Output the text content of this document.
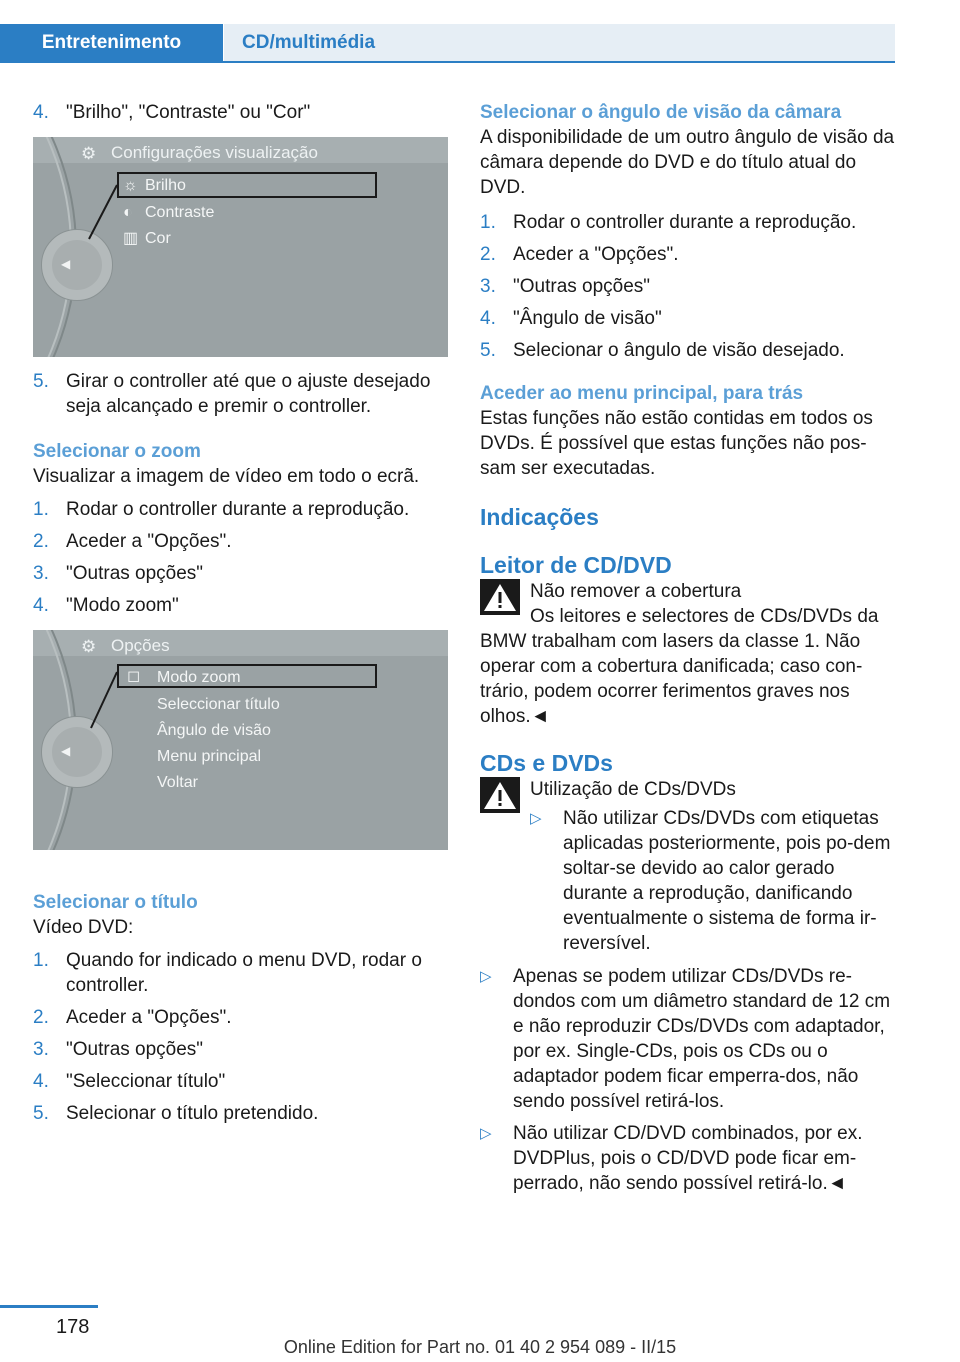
Entretenimento	CD/multimédia
4. "Brilho", "Contraste" ou "Cor"
⚙ Configurações visualização
◀
☼ Brilho
◐ Contraste
▥ Cor
5. Girar o controller até que o ajuste desejado seja alcançado e premir o controller.

Selecionar o zoom

Visualizar a imagem de vídeo em todo o ecrã.

1. Rodar o controller durante a reprodução.
2. Aceder a "Opções".
3. "Outras opções"
4. "Modo zoom"
⚙ Opções
◀
◻ Modo zoom
Seleccionar título
Ângulo de visão
Menu principal
Voltar

Selecionar o título

Vídeo DVD:

1. Quando for indicado o menu DVD, rodar o controller.
2. Aceder a "Opções".
3. "Outras opções"
4. "Seleccionar título"
5. Selecionar o título pretendido.

Selecionar o ângulo de visão da câmara

A disponibilidade de um outro ângulo de visão da câmara depende do DVD e do título atual do DVD.

1. Rodar o controller durante a reprodução.
2. Aceder a "Opções".
3. "Outras opções"
4. "Ângulo de visão"
5. Selecionar o ângulo de visão desejado.

Aceder ao menu principal, para trás

Estas funções não estão contidas em todos os DVDs. É possível que estas funções não pos-sam ser executadas.

Indicações

Leitor de CD/DVD

Não remover a cobertura

Os leitores e selectores de CDs/DVDs da BMW trabalham com lasers da classe 1. Não operar com a cobertura danificada; caso con-trário, podem ocorrer ferimentos graves nos olhos.◄

CDs e DVDs

Utilização de CDs/DVDs

▷ Não utilizar CDs/DVDs com etiquetas aplicadas posteriormente, pois po-dem soltar-se devido ao calor gerado durante a reprodução, danificando eventualmente o sistema de forma ir-reversível.
▷ Apenas se podem utilizar CDs/DVDs re-dondos com um diâmetro standard de 12 cm e não reproduzir CDs/DVDs com adaptador, por ex. Single-CDs, pois os CDs ou o adaptador podem ficar emperra-dos, não sendo possível retirá-los.
▷ Não utilizar CD/DVD combinados, por ex. DVDPlus, pois o CD/DVD pode ficar em-perrado, não sendo possível retirá-lo.◄
178
Online Edition for Part no. 01 40 2 954 089 - II/15
